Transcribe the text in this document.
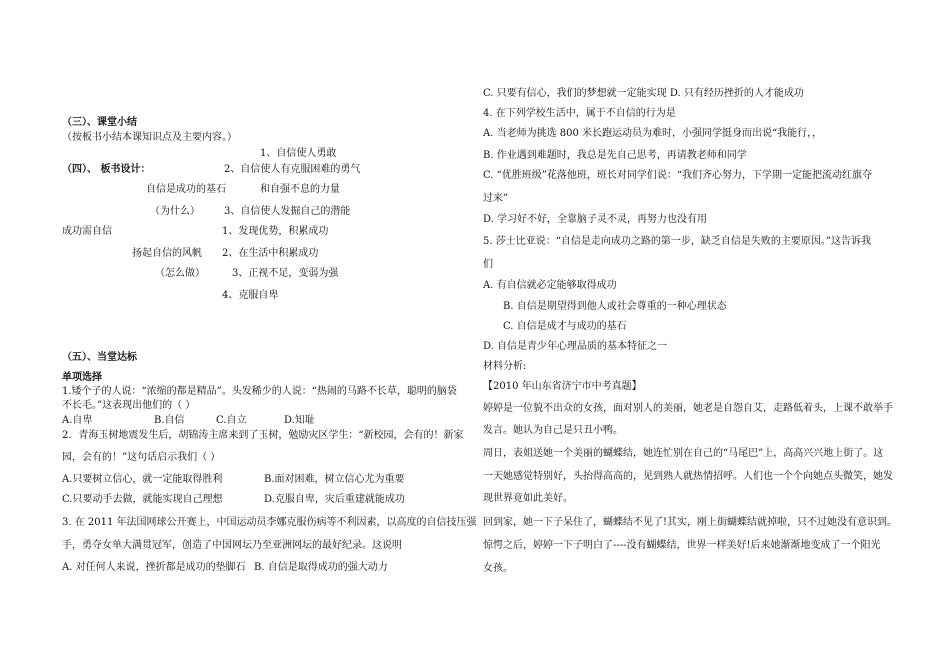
（三）、课堂小结
（按板书小结本课知识点及主要内容。）
1、自信使人勇敢
（四）、 板书设计：	2、自信使人有克服困难的勇气
自信是成功的基石	和自强不息的力量
（为什么） 3、自信使人发掘自己的潜能
成功需自信	1、发现优势，积累成功
扬起自信的风帆 2、在生活中积累成功
（怎么做）	3、正视不足，变弱为强
4、克服自卑
（五）、当堂达标
单项选择
1.矮个子的人说：“浓缩的都是精品”。头发稀少的人说：“热闹的马路不长草，聪明的脑袋
不长毛。”这表现出他们的（ ）
A.自卑	B.自信	C.自立	D.知耻
2．青海玉树地震发生后，胡锦涛主席来到了玉树，勉励灾区学生：“新校园，会有的！新家
园，会有的！”这句话启示我们（ ）
A.只要树立信心，就一定能取得胜利	B.面对困难，树立信心尤为重要
C.只要动手去做，就能实现自己理想	D.克服自卑，灾后重建就能成功
3. 在 2011 年法国网球公开赛上，中国运动员李娜克服伤病等不利因素，以高度的自信技压强
手，勇夺女单大满贯冠军，创造了中国网坛乃至亚洲网坛的最好纪录。这说明
A. 对任何人来说，挫折都是成功的垫脚石 B. 自信是取得成功的强大动力
C. 只要有信心，我们的梦想就一定能实现 D. 只有经历挫折的人才能成功
4. 在下列学校生活中，属于不自信的行为是
A. 当老师为挑选 800 米长跑运动员为难时，小强同学挺身而出说“我能行，，
B. 作业遇到难题时，我总是先自己思考，再请教老师和同学
C. “优胜班级”花落他班，班长对同学们说：“我们齐心努力，下学期一定能把流动红旗夺
过来”
D. 学习好不好，全靠脑子灵不灵，再努力也没有用
5. 莎士比亚说：“自信是走向成功之路的第一步，缺乏自信是失败的主要原因。”这告诉我
们
A. 有自信就必定能够取得成功
B. 自信是期望得到他人或社会尊重的一种心理状态
C. 自信是成才与成功的基石
D. 自信是青少年心理品质的基本特征之一
材料分析:
【2010 年山东省济宁市中考真题】
婷婷是一位貌不出众的女孩，面对别人的美丽，她老是自怨自艾，走路低着头，上课不敢举手
发言。她认为自己是只丑小鸭。
周日，表姐送她一个美丽的蝴蝶结，她连忙别在自己的“马尾巴”上，高高兴兴地上街了。这
一天她感觉特别好，头抬得高高的，见到熟人就热情招呼。人们也一个个向她点头微笑，她发
现世界竟如此美好。
回到家，她一下子呆住了，蝴蝶结不见了!其实，刚上街蝴蝶结就掉啦，只不过她没有意识到。
惊愕之后，婷婷一下子明白了----没有蝴蝶结，世界一样美好!后来她渐渐地变成了一个阳光
女孩。
